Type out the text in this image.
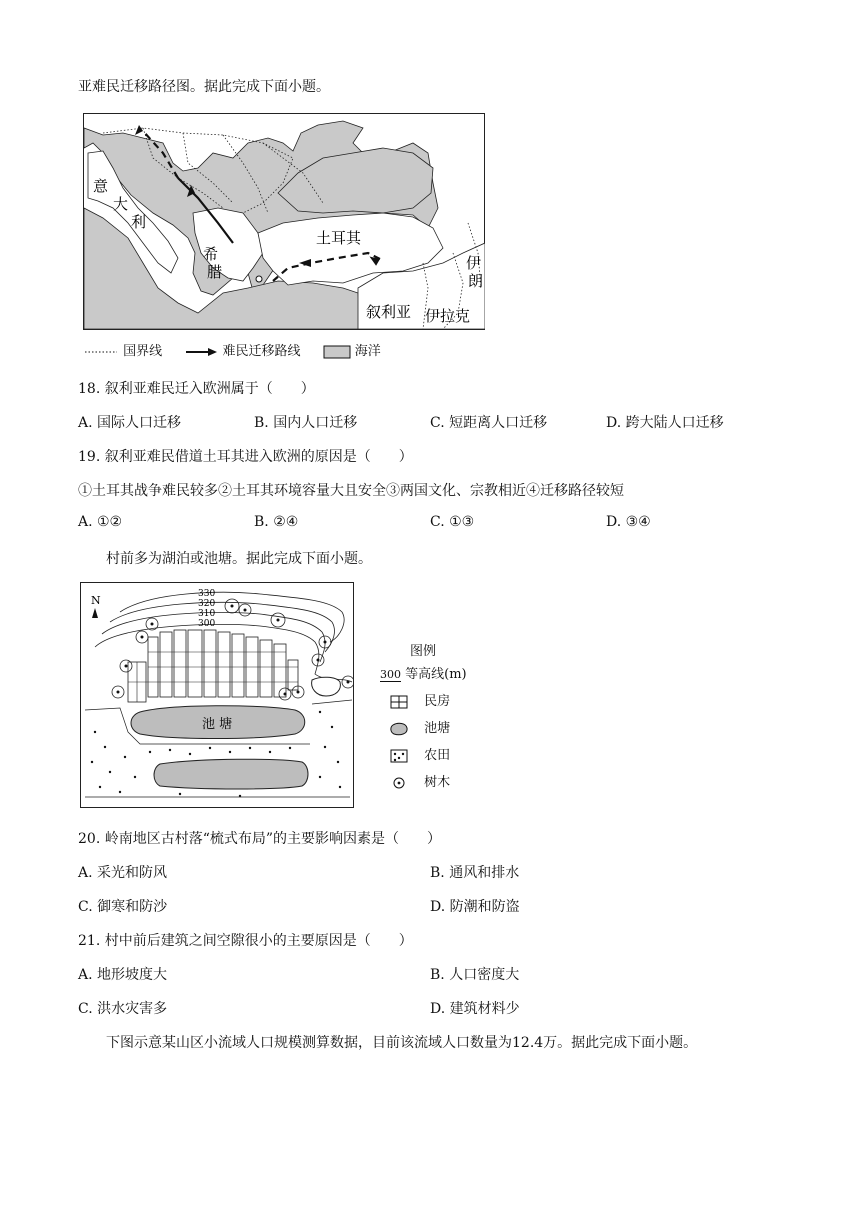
亚难民迁移路径图。据此完成下面小题。
意
大
利
希
腊
土耳其
叙利亚 伊拉克
伊
朗
国界线	难民迁移路线	海洋
18. 叙利亚难民迁入欧洲属于（　　）
A. 国际人口迁移	B. 国内人口迁移	C. 短距离人口迁移	D. 跨大陆人口迁移
19. 叙利亚难民借道土耳其进入欧洲的原因是（　　）
①土耳其战争难民较多②土耳其环境容量大且安全③两国文化、宗教相近④迁移路径较短
A. ①②	B. ②④	C. ①③	D. ③④
村前多为湖泊或池塘。据此完成下面小题。
N	330
320
310
300
池 塘
图例
300 等高线(m)
民房
池塘
农田
树木
20. 岭南地区古村落“梳式布局”的主要影响因素是（　　）
A. 采光和防风	B. 通风和排水
C. 御寒和防沙	D. 防潮和防盗
21. 村中前后建筑之间空隙很小的主要原因是（　　）
A. 地形坡度大	B. 人口密度大
C. 洪水灾害多	D. 建筑材料少
下图示意某山区小流域人口规模测算数据，目前该流域人口数量为12.4万。据此完成下面小题。
